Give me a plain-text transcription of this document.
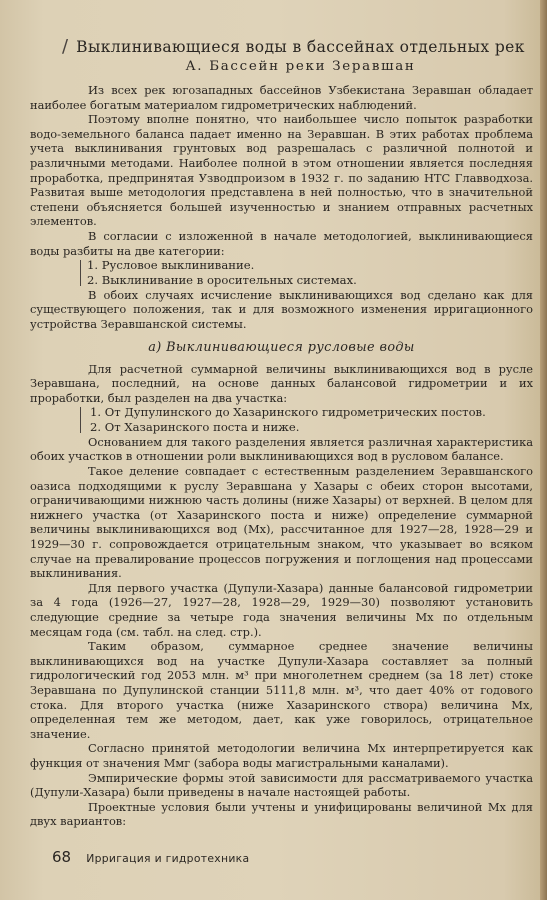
/ Выклинивающиеся воды в бассейнах отдельных рек
А. Бассейн реки Зеравшан

Из всех рек югозападных бассейнов Узбекистана Зеравшан обладает наиболее богатым материалом гидрометрических наблюдений.

Поэтому вполне понятно, что наибольшее число попыток разработки водо-земельного баланса падает именно на Зеравшан. В этих работах проблема учета выклинивания грунтовых вод разрешалась с различной полнотой и различными методами. Наиболее полной в этом отношении является последняя проработка, предпринятая Узводпроизом в 1932 г. по заданию НТС Главводхоза. Развитая выше методология представлена в ней полностью, что в значительной степени объясняется большей изученностью и знанием отправных расчетных элементов.

В согласии с изложенной в начале методологией, выклинивающиеся воды разбиты на две категории:

1. Русловое выклинивание.
2. Выклинивание в оросительных системах.

В обоих случаях исчисление выклинивающихся вод сделано как для существующего положения, так и для возможного изменения ирригационного устройства Зеравшанской системы.

а) Выклинивающиеся русловые воды

Для расчетной суммарной величины выклинивающихся вод в русле Зеравшана, последний, на основе данных балансовой гидрометрии и их проработки, был разделен на два участка:

1. От Дупулинского до Хазаринского гидрометрических постов.
2. От Хазаринского поста и ниже.

Основанием для такого разделения является различная характеристика обоих участков в отношении роли выклинивающихся вод в русловом балансе.

Такое деление совпадает с естественным разделением Зеравшанского оазиса подходящими к руслу Зеравшана у Хазары с обеих сторон высотами, ограничивающими нижнюю часть долины (ниже Хазары) от верхней. В целом для нижнего участка (от Хазаринского поста и ниже) определение суммарной величины выклинивающихся вод (Мх), рассчитанное для 1927—28, 1928—29 и 1929—30 г. сопровождается отрицательным знаком, что указывает во всяком случае на превалирование процессов погружения и поглощения над процессами выклинивания.

Для первого участка (Дупули-Хазара) данные балансовой гидрометрии за 4 года (1926—27, 1927—28, 1928—29, 1929—30) позволяют установить следующие средние за четыре года значения величины Мх по отдельным месяцам года (см. табл. на след. стр.).

Таким образом, суммарное среднее значение величины выклинивающихся вод на участке Дупули-Хазара составляет за полный гидрологический год 2053 млн. м³ при многолетнем среднем (за 18 лет) стоке Зеравшана по Дупулинской станции 5111,8 млн. м³, что дает 40% от годового стока. Для второго участка (ниже Хазаринского створа) величина Мх, определенная тем же методом, дает, как уже говорилось, отрицательное значение.

Согласно принятой методологии величина Мх интерпретируется как функция от значения Ммг (забора воды магистральными каналами).

Эмпирические формы этой зависимости для рассматриваемого участка (Дупули-Хазара) были приведены в начале настоящей работы.

Проектные условия были учтены и унифицированы величиной Мх для двух вариантов:

68 Ирригация и гидротехника
